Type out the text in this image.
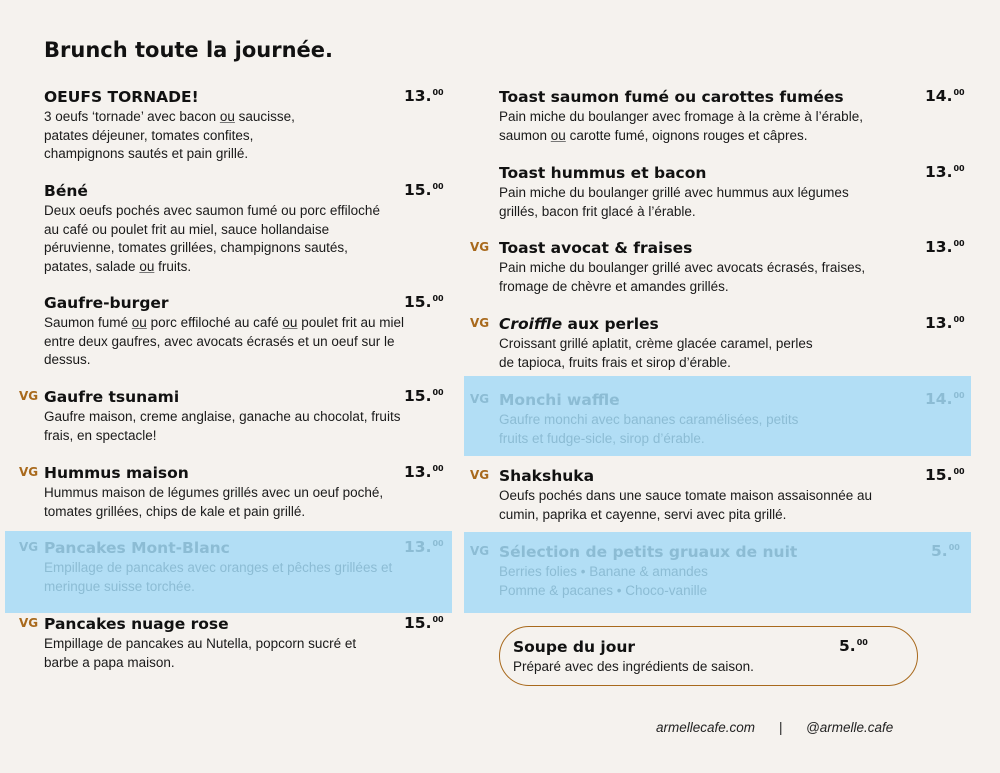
Brunch toute la journée.
OEUFS TORNADE!
3 oeufs ‘tornade’ avec bacon ou saucisse, patates déjeuner, tomates confites, champignons sautés et pain grillé.
13.00
Béné
Deux oeufs pochés avec saumon fumé ou porc effiloché au café ou poulet frit au miel, sauce hollandaise péruvienne, tomates grillées, champignons sautés, patates, salade ou fruits.
15.00
Gaufre-burger
Saumon fumé ou porc effiloché au café ou poulet frit au miel entre deux gaufres, avec avocats écrasés et un oeuf sur le dessus.
15.00
VG Gaufre tsunami
Gaufre maison, creme anglaise, ganache au chocolat, fruits frais, en spectacle!
15.00
VG Hummus maison
Hummus maison de légumes grillés avec un oeuf poché, tomates grillées, chips de kale et pain grillé.
13.00
VG Pancakes Mont-Blanc
Empillage de pancakes avec oranges et pêches grillées et meringue suisse torchée.
13.00
VG Pancakes nuage rose
Empillage de pancakes au Nutella, popcorn sucré et barbe a papa maison.
15.00
Toast saumon fumé ou carottes fumées
Pain miche du boulanger avec fromage à la crème à l’érable, saumon ou carotte fumé, oignons rouges et câpres.
14.00
Toast hummus et bacon
Pain miche du boulanger grillé avec hummus aux légumes grillés, bacon frit glacé à l’érable.
13.00
VG Toast avocat & fraises
Pain miche du boulanger grillé avec avocats écrasés, fraises, fromage de chèvre et amandes grillés.
13.00
VG Croiffle aux perles
Croissant grillé aplatit, crème glacée caramel, perles de tapioca, fruits frais et sirop d’érable.
13.00
VG Monchi waffle
Gaufre monchi avec bananes caramélisées, petits fruits et fudge-sicle, sirop d’érable.
14.00
VG Shakshuka
Oeufs pochés dans une sauce tomate maison assaisonnée au cumin, paprika et cayenne, servi avec pita grillé.
15.00
VG Sélection de petits gruaux de nuit
Berries folies • Banane & amandes
Pomme & pacanes • Choco-vanille
5.00
Soupe du jour
Préparé avec des ingrédients de saison.
5.00
armellecafe.com | @armelle.cafe
